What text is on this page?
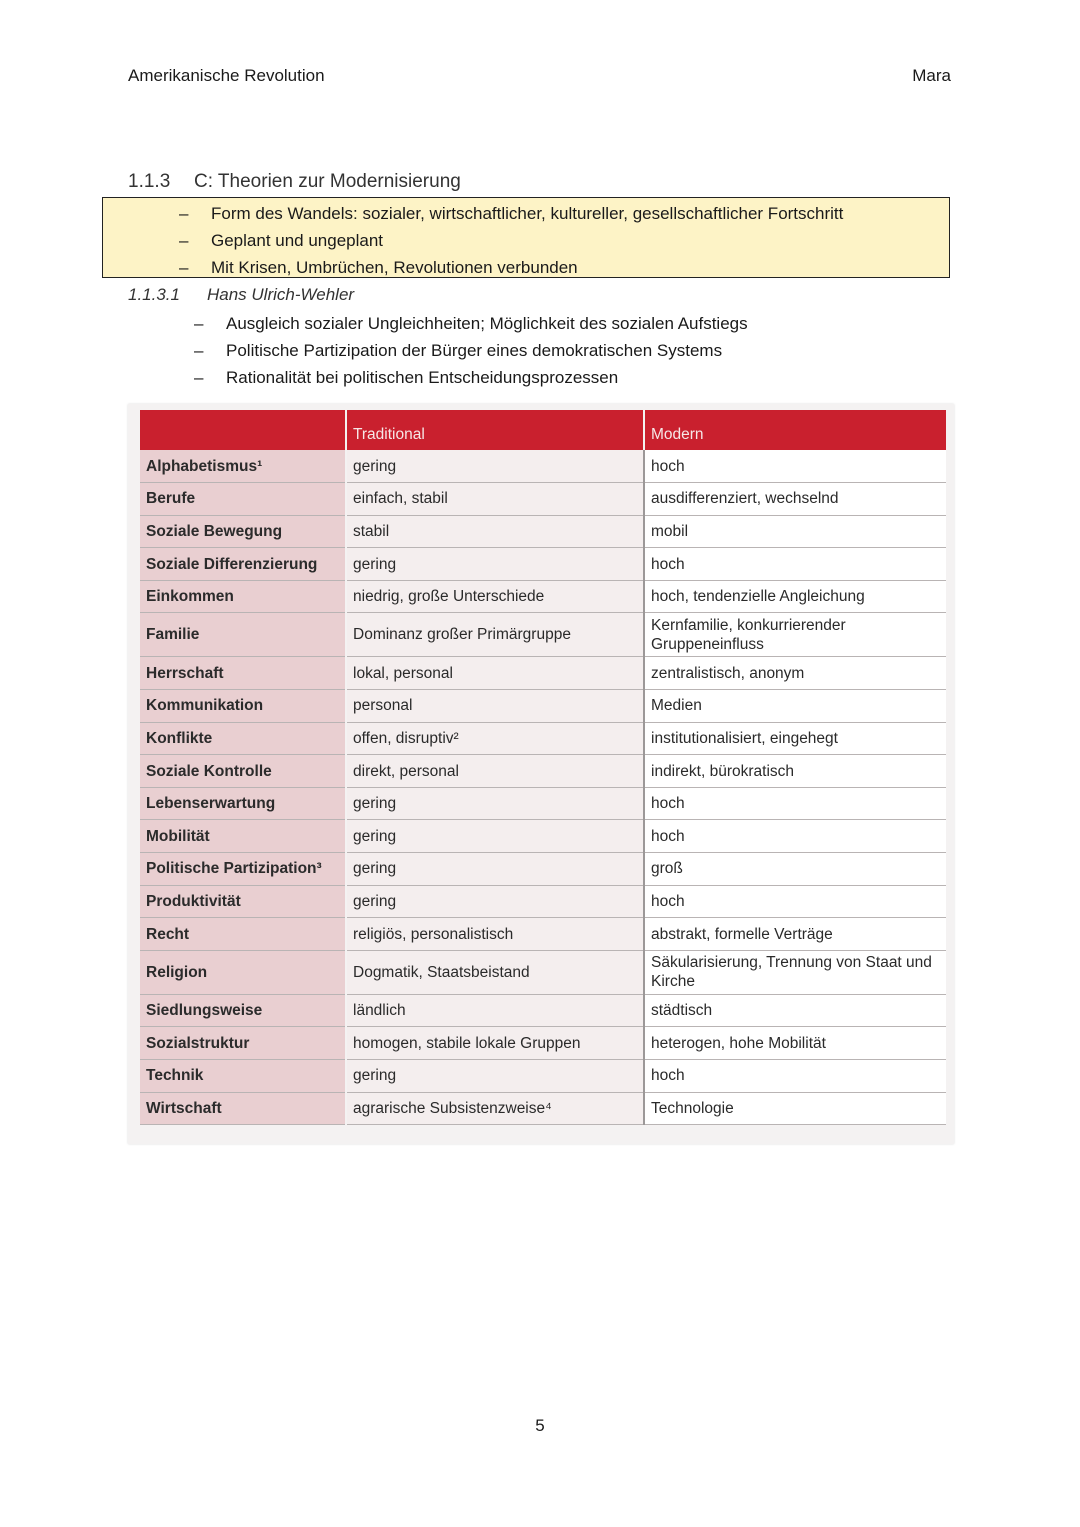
Amerikanische Revolution	Mara
1.1.3 C: Theorien zur Modernisierung
– Form des Wandels: sozialer, wirtschaftlicher, kultureller, gesellschaftlicher Fortschritt
– Geplant und ungeplant
– Mit Krisen, Umbrüchen, Revolutionen verbunden
1.1.3.1 Hans Ulrich-Wehler
– Ausgleich sozialer Ungleichheiten; Möglichkeit des sozialen Aufstiegs
– Politische Partizipation der Bürger eines demokratischen Systems
– Rationalität bei politischen Entscheidungsprozessen
	Traditional	Modern
Alphabetismus¹	gering	hoch
Berufe	einfach, stabil	ausdifferenziert, wechselnd
Soziale Bewegung	stabil	mobil
Soziale Differenzierung	gering	hoch
Einkommen	niedrig, große Unterschiede	hoch, tendenzielle Angleichung
Familie	Dominanz großer Primärgruppe	Kernfamilie, konkurrierender Gruppeneinfluss
Herrschaft	lokal, personal	zentralistisch, anonym
Kommunikation	personal	Medien
Konflikte	offen, disruptiv²	institutionalisiert, eingehegt
Soziale Kontrolle	direkt, personal	indirekt, bürokratisch
Lebenserwartung	gering	hoch
Mobilität	gering	hoch
Politische Partizipation³	gering	groß
Produktivität	gering	hoch
Recht	religiös, personalistisch	abstrakt, formelle Verträge
Religion	Dogmatik, Staatsbeistand	Säkularisierung, Trennung von Staat und Kirche
Siedlungsweise	ländlich	städtisch
Sozialstruktur	homogen, stabile lokale Gruppen	heterogen, hohe Mobilität
Technik	gering	hoch
Wirtschaft	agrarische Subsistenzweise⁴	Technologie
5
